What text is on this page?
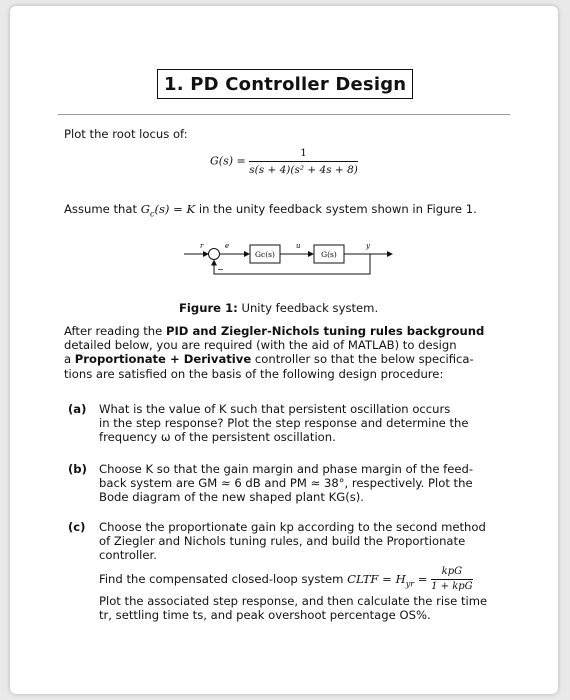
1. PD Controller Design
Plot the root locus of:
$G(s) = \frac{1}{\text{s(s + 4)(s² + 4s + 8)}}$
Assume that $G_c(s) = K$ in the unity feedback system shown in Figure 1.
r	e
Gc(s)
u
G(s)
y
−
Figure 1: Unity feedback system.
After reading the PID and Ziegler-Nichols tuning rules background
detailed below, you are required (with the aid of MATLAB) to design
a Proportionate + Derivative controller so that the below specifica-
tions are satisfied on the basis of the following design procedure:
(a) What is the value of K such that persistent oscillation occurs
in the step response? Plot the step response and determine the
frequency ω of the persistent oscillation.
(b) Choose K so that the gain margin and phase margin of the feed-
back system are GM ≈ 6 dB and PM ≈ 38°, respectively. Plot the
Bode diagram of the new shaped plant KG(s).
(c) Choose the proportionate gain kp according to the second method
of Ziegler and Nichols tuning rules, and build the Proportionate
controller.
Find the compensated closed-loop system CLTF = $H_{yr} = \frac{\text{kpG}}{\text{1 + kpG}}$
Plot the associated step response, and then calculate the rise time
tr, settling time ts, and peak overshoot percentage OS%.
